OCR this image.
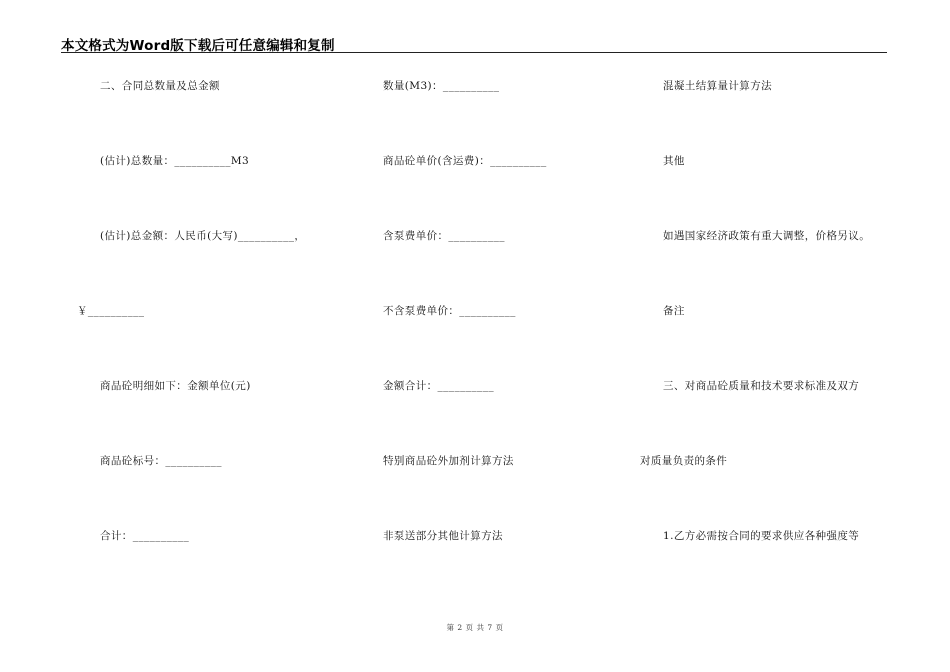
本文格式为Word版下载后可任意编辑和复制
二、合同总数量及总金额
(估计)总数量：__________M3
(估计)总金额：人民币(大写)__________，
￥__________
商品砼明细如下：金额单位(元)
商品砼标号：__________
合计：__________
数量(M3)：__________
商品砼单价(含运费)：__________
含泵费单价：__________
不含泵费单价：__________
金额合计：__________
特别商品砼外加剂计算方法
非泵送部分其他计算方法
混凝土结算量计算方法
其他
如遇国家经济政策有重大调整，价格另议。
备注
三、对商品砼质量和技术要求标准及双方
对质量负责的条件
1.乙方必需按合同的要求供应各种强度等
第 2 页 共 7 页
